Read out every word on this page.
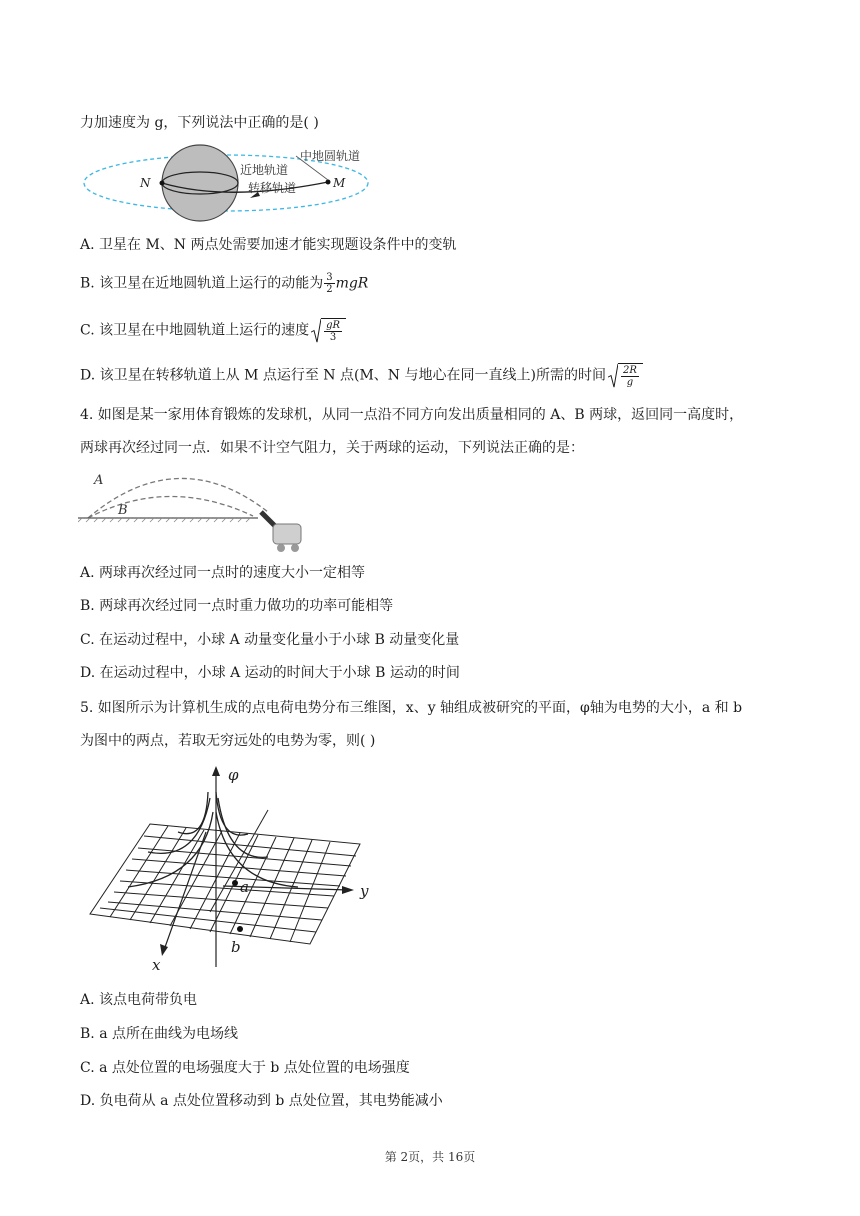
力加速度为 g，下列说法中正确的是( )
中地圆轨道
近地轨道
转移轨道
N	M
A. 卫星在 M、N 两点处需要加速才能实现题设条件中的变轨
B. 该卫星在近地圆轨道上运行的动能为 $\frac{3}{2}$ mgR
C. 该卫星在中地圆轨道上运行的速度 $\frac{gR}{3}$
D. 该卫星在转移轨道上从 M 点运行至 N 点(M、N 与地心在同一直线上)所需的时间 $\frac{2R}{g}$
4. 如图是某一家用体育锻炼的发球机，从同一点沿不同方向发出质量相同的 A、B 两球，返回同一高度时，
两球再次经过同一点．如果不计空气阻力，关于两球的运动，下列说法正确的是：
A
B
A. 两球再次经过同一点时的速度大小一定相等
B. 两球再次经过同一点时重力做功的功率可能相等
C. 在运动过程中，小球 A 动量变化量小于小球 B 动量变化量
D. 在运动过程中，小球 A 运动的时间大于小球 B 运动的时间
5. 如图所示为计算机生成的点电荷电势分布三维图，x、y 轴组成被研究的平面，φ轴为电势的大小，a 和 b
为图中的两点，若取无穷远处的电势为零，则( )
φ
y
x
a
b
A. 该点电荷带负电
B. a 点所在曲线为电场线
C. a 点处位置的电场强度大于 b 点处位置的电场强度
D. 负电荷从 a 点处位置移动到 b 点处位置，其电势能减小
第 2页，共 16页
